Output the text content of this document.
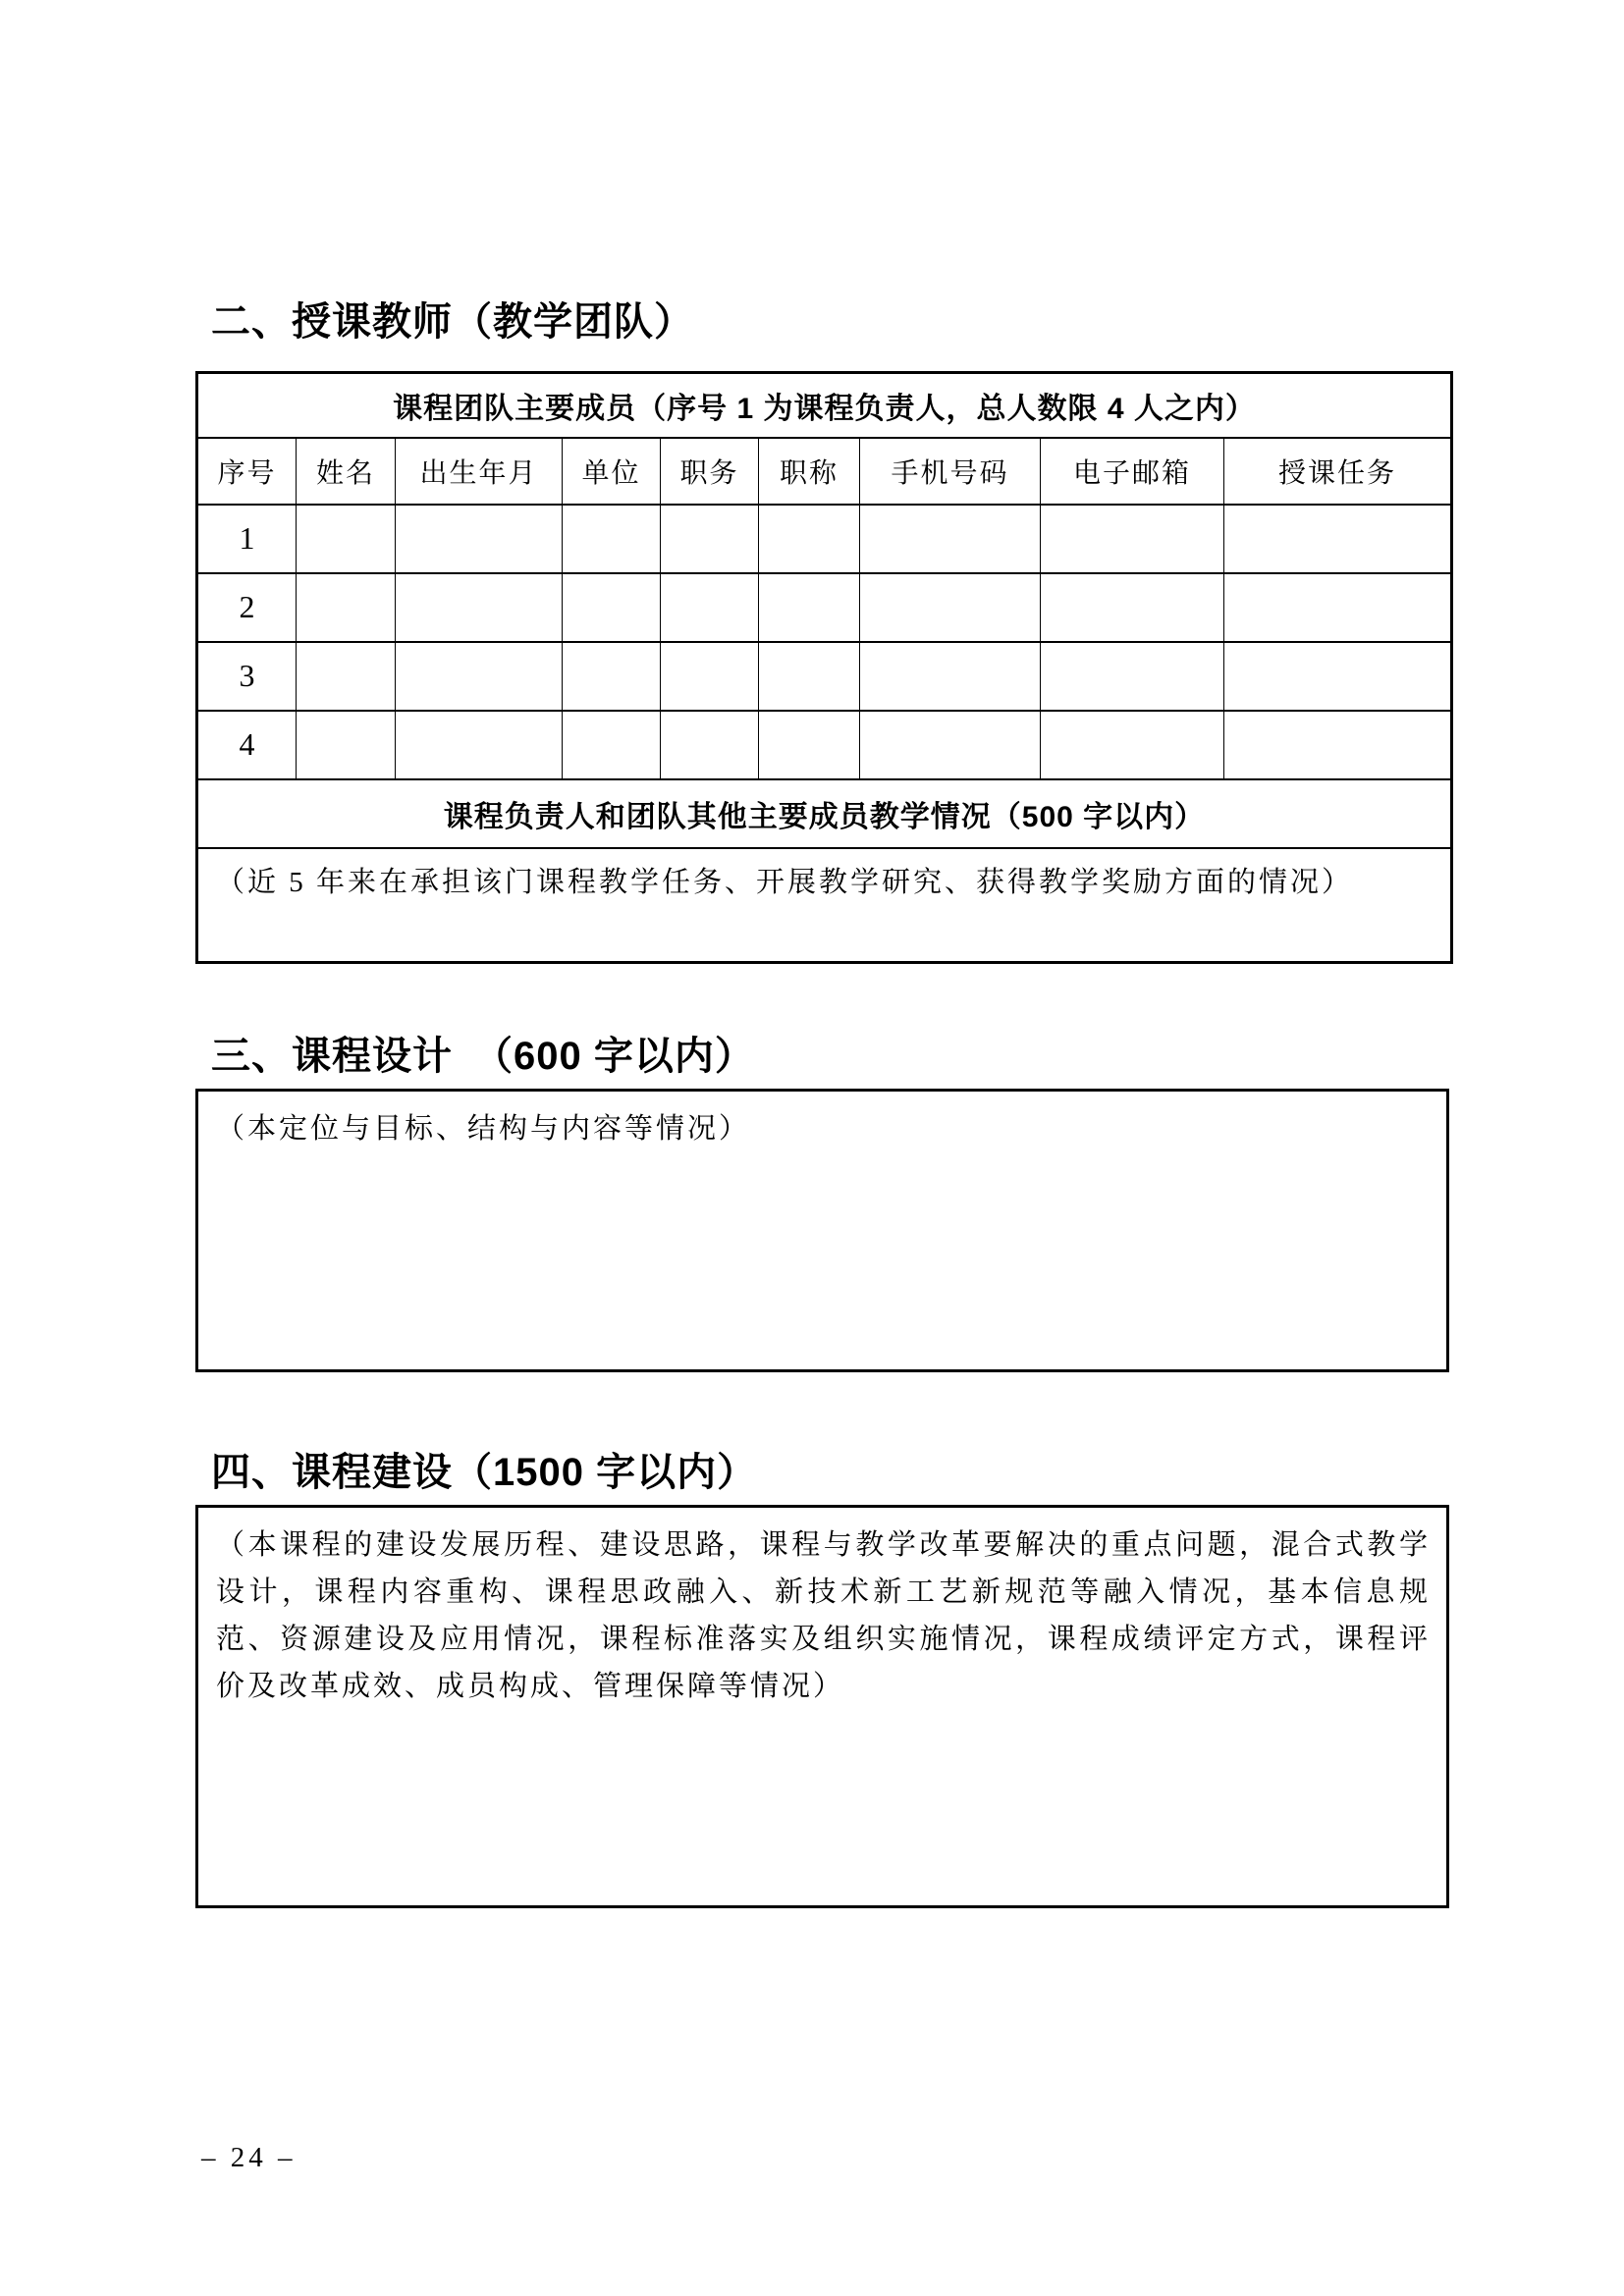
二、授课教师（教学团队）
课程团队主要成员（序号 1 为课程负责人，总人数限 4 人之内）								
序号	姓名	出生年月	单位	职务	职称	手机号码	电子邮箱	授课任务
1								
2								
3								
4								
课程负责人和团队其他主要成员教学情况（500 字以内）								
（近 5 年来在承担该门课程教学任务、开展教学研究、获得教学奖励方面的情况）								
三、课程设计　（600 字以内）
（本定位与目标、结构与内容等情况）
四、课程建设（1500 字以内）
（本课程的建设发展历程、建设思路，课程与教学改革要解决的重点问题，混合式教学设计，课程内容重构、课程思政融入、新技术新工艺新规范等融入情况，基本信息规范、资源建设及应用情况，课程标准落实及组织实施情况，课程成绩评定方式，课程评价及改革成效、成员构成、管理保障等情况）
– 24 –
